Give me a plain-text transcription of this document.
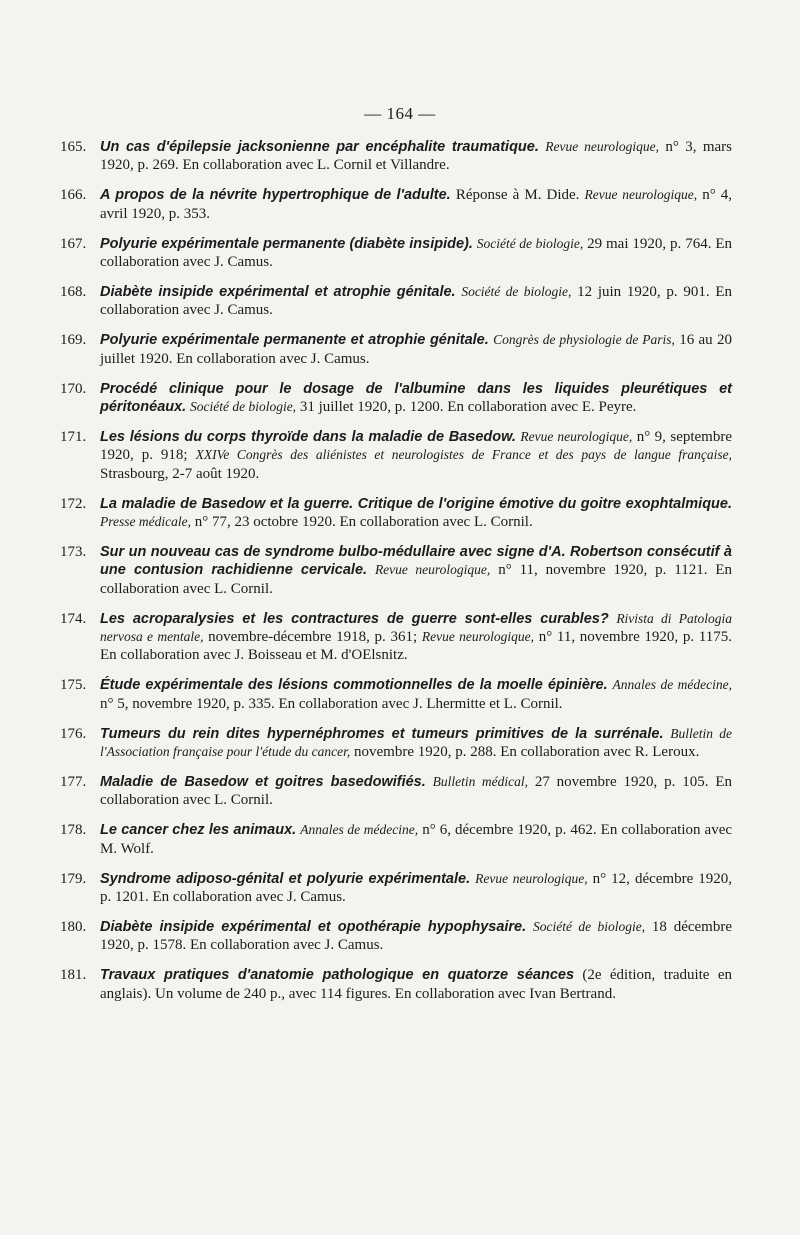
— 164 —
165. Un cas d'épilepsie jacksonienne par encéphalite traumatique. Revue neurologique, n° 3, mars 1920, p. 269. En collaboration avec L. Cornil et Villandre.
166. A propos de la névrite hypertrophique de l'adulte. Réponse à M. Dide. Revue neurologique, n° 4, avril 1920, p. 353.
167. Polyurie expérimentale permanente (diabète insipide). Société de biologie, 29 mai 1920, p. 764. En collaboration avec J. Camus.
168. Diabète insipide expérimental et atrophie génitale. Société de biologie, 12 juin 1920, p. 901. En collaboration avec J. Camus.
169. Polyurie expérimentale permanente et atrophie génitale. Congrès de physiologie de Paris, 16 au 20 juillet 1920. En collaboration avec J. Camus.
170. Procédé clinique pour le dosage de l'albumine dans les liquides pleurétiques et péritonéaux. Société de biologie, 31 juillet 1920, p. 1200. En collaboration avec E. Peyre.
171. Les lésions du corps thyroïde dans la maladie de Basedow. Revue neurologique, n° 9, septembre 1920, p. 918; XXIVe Congrès des aliénistes et neurologistes de France et des pays de langue française, Strasbourg, 2-7 août 1920.
172. La maladie de Basedow et la guerre. Critique de l'origine émotive du goitre exophtalmique. Presse médicale, n° 77, 23 octobre 1920. En collaboration avec L. Cornil.
173. Sur un nouveau cas de syndrome bulbo-médullaire avec signe d'A. Robertson consécutif à une contusion rachidienne cervicale. Revue neurologique, n° 11, novembre 1920, p. 1121. En collaboration avec L. Cornil.
174. Les acroparalysies et les contractures de guerre sont-elles curables? Rivista di Patologia nervosa e mentale, novembre-décembre 1918, p. 361; Revue neurologique, n° 11, novembre 1920, p. 1175. En collaboration avec J. Boisseau et M. d'OElsnitz.
175. Étude expérimentale des lésions commotionnelles de la moelle épinière. Annales de médecine, n° 5, novembre 1920, p. 335. En collaboration avec J. Lhermitte et L. Cornil.
176. Tumeurs du rein dites hypernéphromes et tumeurs primitives de la surrénale. Bulletin de l'Association française pour l'étude du cancer, novembre 1920, p. 288. En collaboration avec R. Leroux.
177. Maladie de Basedow et goitres basedowifiés. Bulletin médical, 27 novembre 1920, p. 105. En collaboration avec L. Cornil.
178. Le cancer chez les animaux. Annales de médecine, n° 6, décembre 1920, p. 462. En collaboration avec M. Wolf.
179. Syndrome adiposo-génital et polyurie expérimentale. Revue neurologique, n° 12, décembre 1920, p. 1201. En collaboration avec J. Camus.
180. Diabète insipide expérimental et opothérapie hypophysaire. Société de biologie, 18 décembre 1920, p. 1578. En collaboration avec J. Camus.
181. Travaux pratiques d'anatomie pathologique en quatorze séances (2e édition, traduite en anglais). Un volume de 240 p., avec 114 figures. En collaboration avec Ivan Bertrand.
